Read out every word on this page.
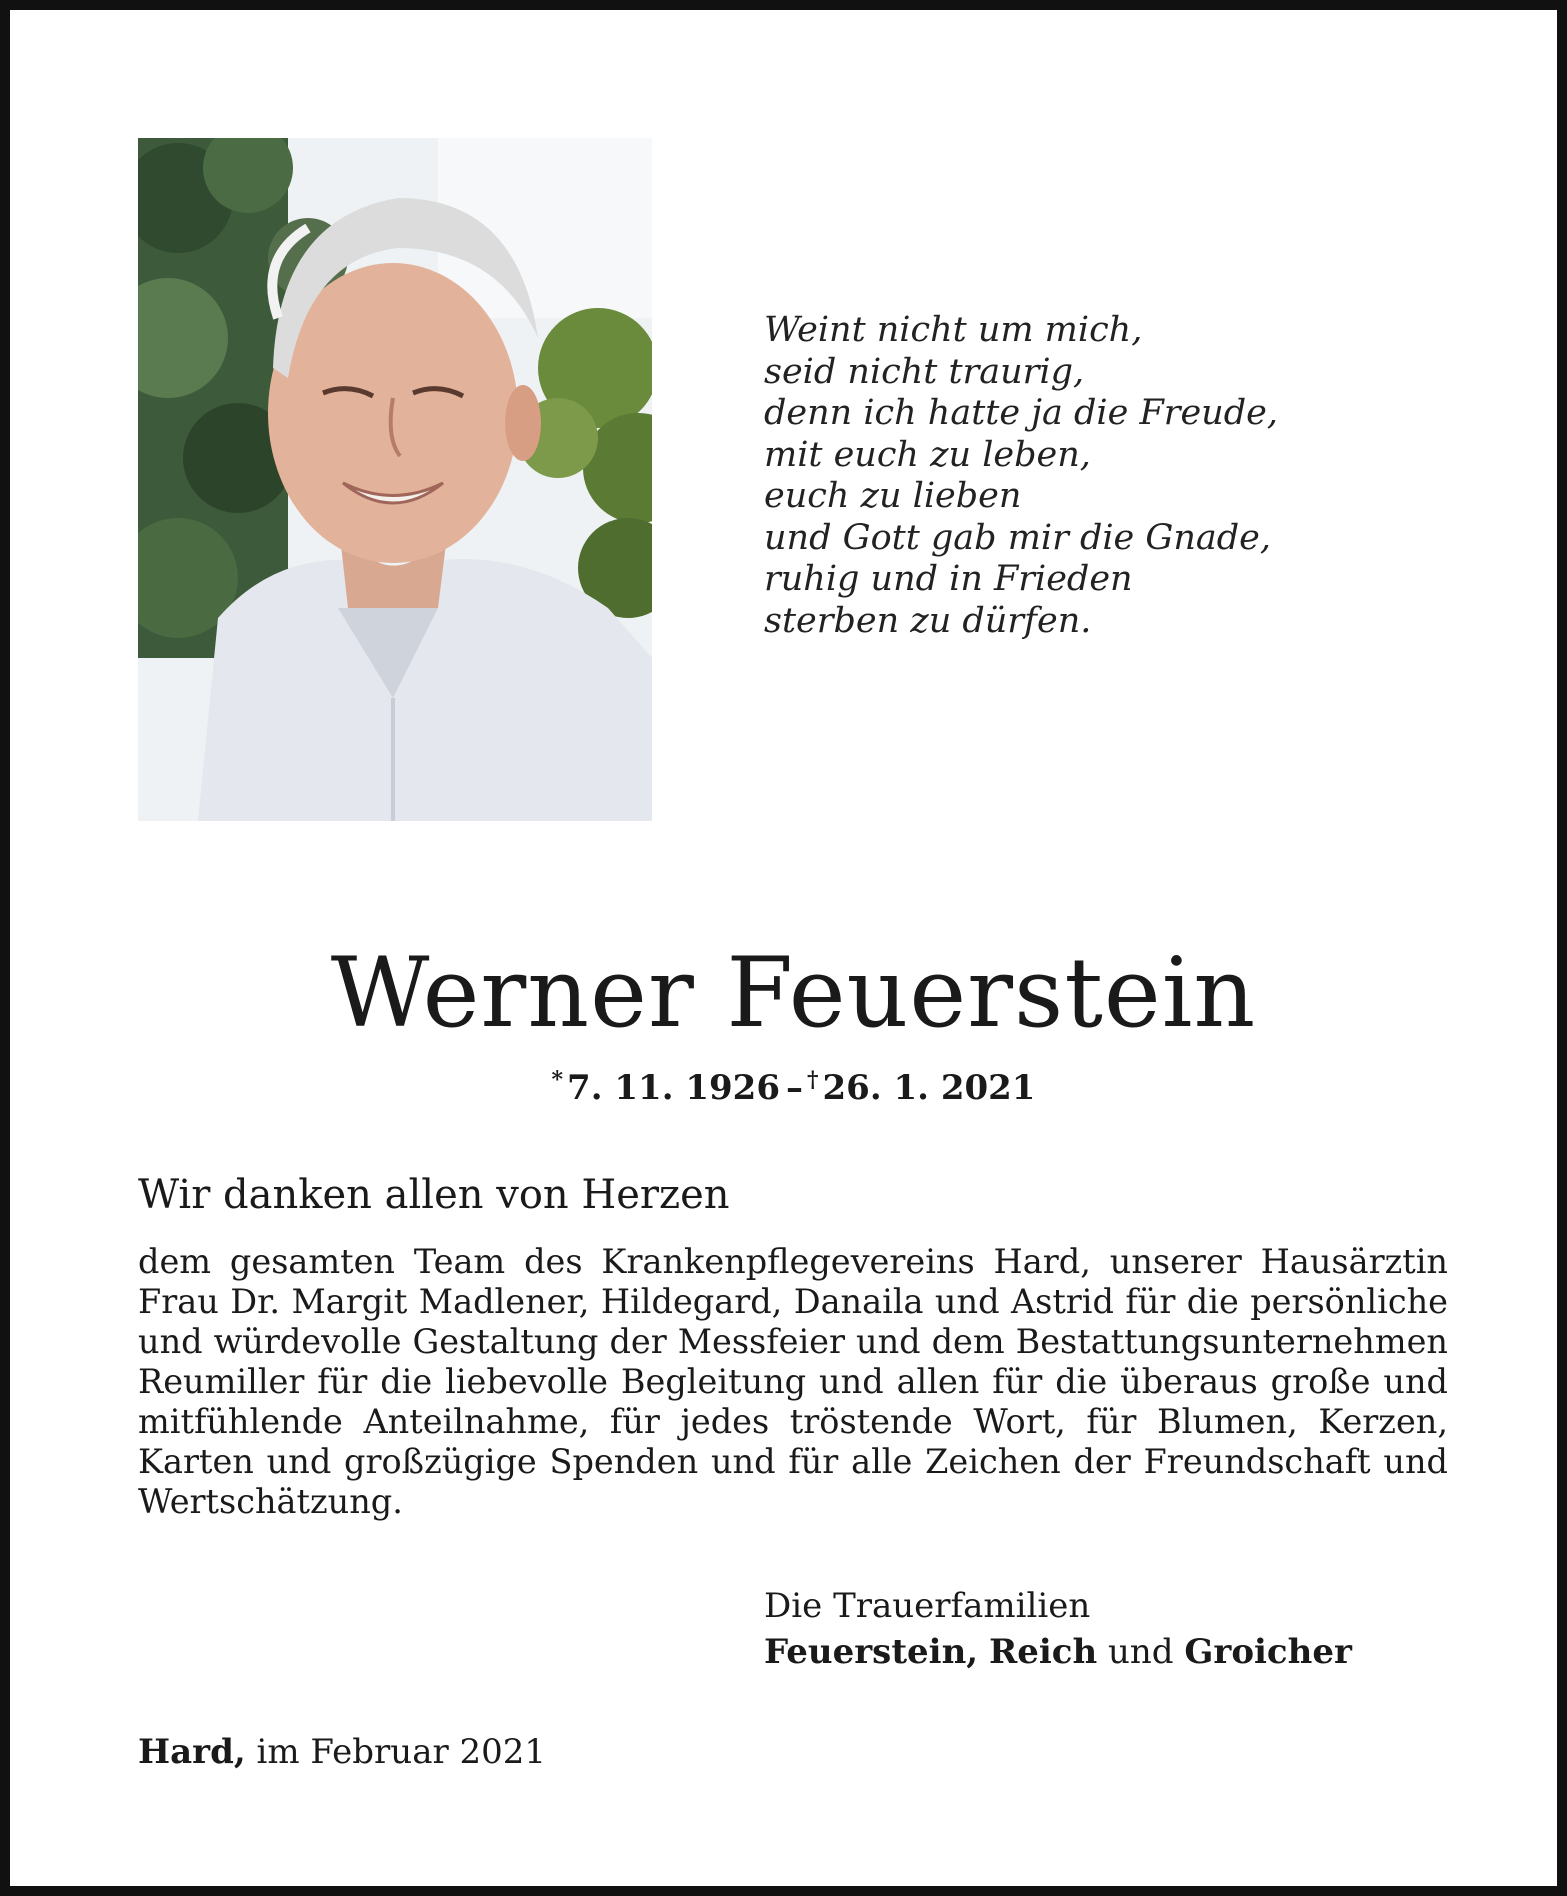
Weint nicht um mich,
seid nicht traurig,
denn ich hatte ja die Freude,
mit euch zu leben,
euch zu lieben
und Gott gab mir die Gnade,
ruhig und in Frieden
sterben zu dürfen.
Werner Feuerstein
* 7. 11. 1926 – † 26. 1. 2021
Wir danken allen von Herzen
dem gesamten Team des Krankenpflegevereins Hard, unserer Hausärztin Frau Dr. Margit Madlener, Hildegard, Danaila und Astrid für die persönliche und würdevolle Gestaltung der Messfeier und dem Bestattungsunternehmen Reumiller für die liebevolle Begleitung und allen für die überaus große und mitfühlende Anteilnahme, für jedes tröstende Wort, für Blumen, Kerzen, Karten und großzügige Spenden und für alle Zeichen der Freundschaft und Wertschätzung.
Die Trauerfamilien
Feuerstein, Reich und Groicher
Hard, im Februar 2021
